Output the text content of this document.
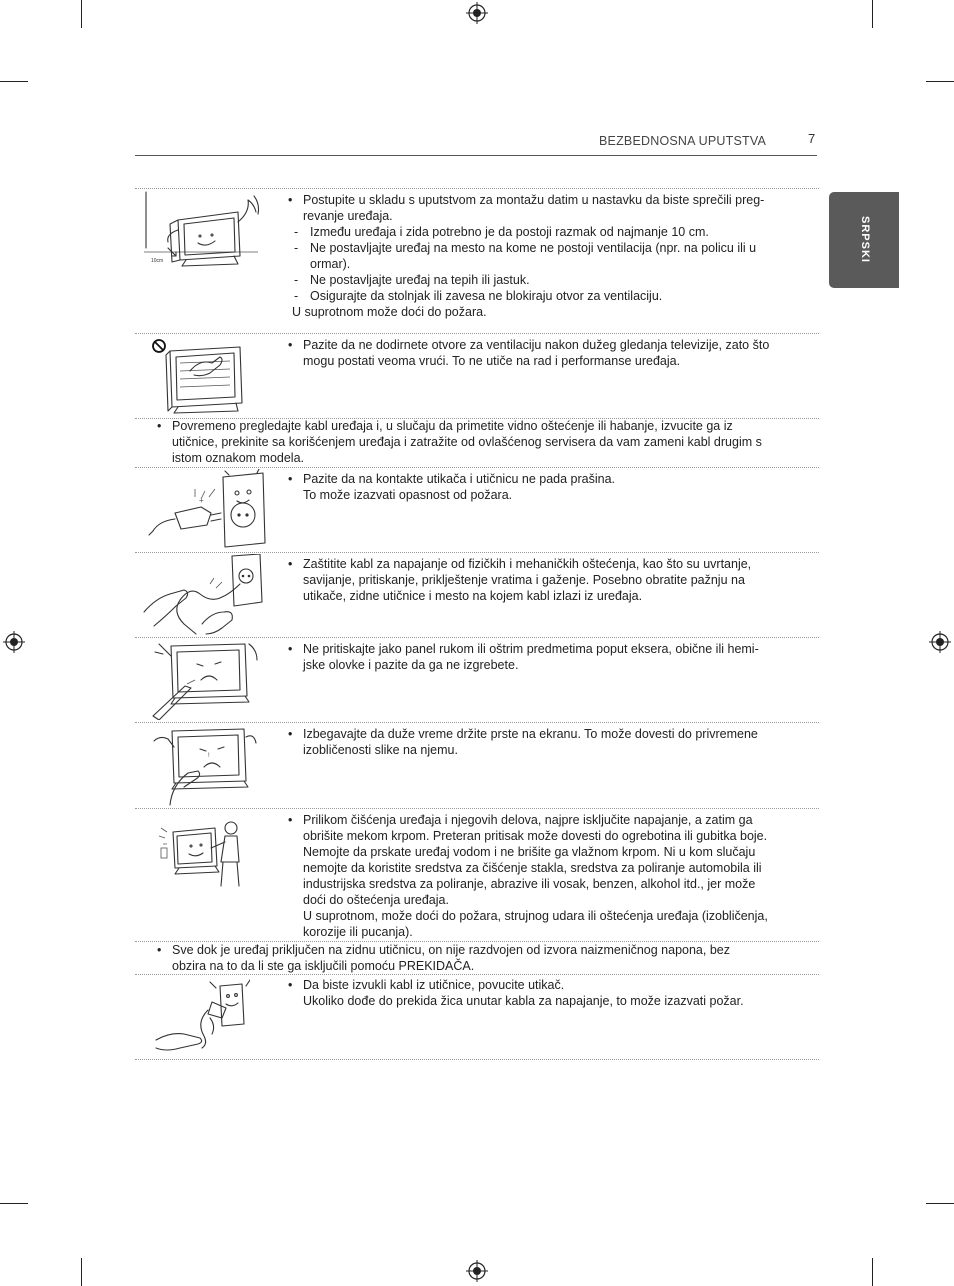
BEZBEDNOSNA UPUTSTVA	7
SRPSKI
10cm
• Postupite u skladu s uputstvom za montažu datim u nastavku da biste sprečili preg-
revanje uređaja.
- Između uređaja i zida potrebno je da postoji razmak od najmanje 10 cm.
- Ne postavljajte uređaj na mesto na kome ne postoji ventilacija (npr. na policu ili u
ormar).
- Ne postavljajte uređaj na tepih ili jastuk.
- Osigurajte da stolnjak ili zavesa ne blokiraju otvor za ventilaciju.
U suprotnom može doći do požara.
• Pazite da ne dodirnete otvore za ventilaciju nakon dužeg gledanja televizije, zato što
mogu postati veoma vrući. To ne utiče na rad i performanse uređaja.
• Povremeno pregledajte kabl uređaja i, u slučaju da primetite vidno oštećenje ili habanje, izvucite ga iz
utičnice, prekinite sa korišćenjem uređaja i zatražite od ovlašćenog servisera da vam zameni kabl drugim s
istom oznakom modela.
+
• Pazite da na kontakte utikača i utičnicu ne pada prašina.
To može izazvati opasnost od požara.
• Zaštitite kabl za napajanje od fizičkih i mehaničkih oštećenja, kao što su uvrtanje,
savijanje, pritiskanje, priklještenje vratima i gaženje. Posebno obratite pažnju na
utikače, zidne utičnice i mesto na kojem kabl izlazi iz uređaja.
• Ne pritiskajte jako panel rukom ili oštrim predmetima poput eksera, obične ili hemi-
jske olovke i pazite da ga ne izgrebete.
!
• Izbegavajte da duže vreme držite prste na ekranu. To može dovesti do privremene
izobličenosti slike na njemu.
• Prilikom čišćenja uređaja i njegovih delova, najpre isključite napajanje, a zatim ga
obrišite mekom krpom. Preteran pritisak može dovesti do ogrebotina ili gubitka boje.
Nemojte da prskate uređaj vodom i ne brišite ga vlažnom krpom. Ni u kom slučaju
nemojte da koristite sredstva za čišćenje stakla, sredstva za poliranje automobila ili
industrijska sredstva za poliranje, abrazive ili vosak, benzen, alkohol itd., jer može
doći do oštećenja uređaja.
U suprotnom, može doći do požara, strujnog udara ili oštećenja uređaja (izobličenja,
korozije ili pucanja).
• Sve dok je uređaj priključen na zidnu utičnicu, on nije razdvojen od izvora naizmeničnog napona, bez
obzira na to da li ste ga isključili pomoću PREKIDAČA.
• Da biste izvukli kabl iz utičnice, povucite utikač.
Ukoliko dođe do prekida žica unutar kabla za napajanje, to može izazvati požar.
